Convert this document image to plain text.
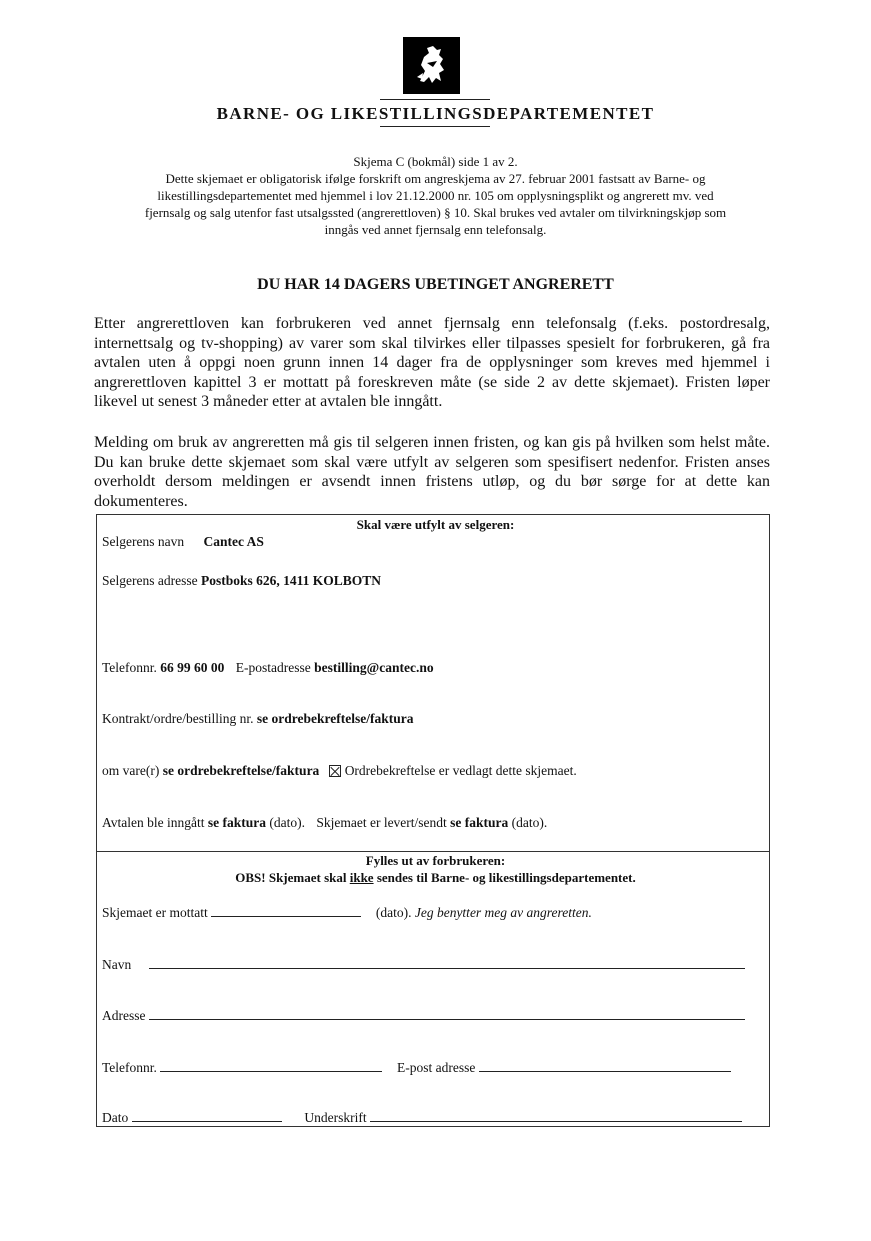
BARNE- OG LIKESTILLINGSDEPARTEMENTET
Skjema C (bokmål) side 1 av 2.
Dette skjemaet er obligatorisk ifølge forskrift om angreskjema av 27. februar 2001 fastsatt av Barne- og
likestillingsdepartementet med hjemmel i lov 21.12.2000 nr. 105 om opplysningsplikt og angrerett mv. ved
fjernsalg og salg utenfor fast utsalgssted (angrerettloven) § 10. Skal brukes ved avtaler om tilvirkningskjøp som
inngås ved annet fjernsalg enn telefonsalg.
DU HAR 14 DAGERS UBETINGET ANGRERETT
Etter angrerettloven kan forbrukeren ved annet fjernsalg enn telefonsalg (f.eks. postordresalg, internettsalg og tv-shopping) av varer som skal tilvirkes eller tilpasses spesielt for forbrukeren, gå fra avtalen uten å oppgi noen grunn innen 14 dager fra de opplysninger som kreves med hjemmel i angrerettloven kapittel 3 er mottatt på foreskreven måte (se side 2 av dette skjemaet). Fristen løper likevel ut senest 3 måneder etter at avtalen ble inngått.
Melding om bruk av angreretten må gis til selgeren innen fristen, og kan gis på hvilken som helst måte. Du kan bruke dette skjemaet som skal være utfylt av selgeren som spesifisert nedenfor. Fristen anses overholdt dersom meldingen er avsendt innen fristens utløp, og du bør sørge for at dette kan dokumenteres.
Skal være utfylt av selgeren:
Selgerens navn Cantec AS
Selgerens adresse Postboks 626, 1411 KOLBOTN
Telefonnr. 66 99 60 00 E-postadresse bestilling@cantec.no
Kontrakt/ordre/bestilling nr. se ordrebekreftelse/faktura
om vare(r) se ordrebekreftelse/faktura Ordrebekreftelse er vedlagt dette skjemaet.
Avtalen ble inngått se faktura (dato). Skjemaet er levert/sendt se faktura (dato).
Fylles ut av forbrukeren:
OBS! Skjemaet skal ikke sendes til Barne- og likestillingsdepartementet.
Skjemaet er mottatt	(dato). Jeg benytter meg av angreretten.
Navn
Adresse
Telefonnr.	E-post adresse
Dato	Underskrift
